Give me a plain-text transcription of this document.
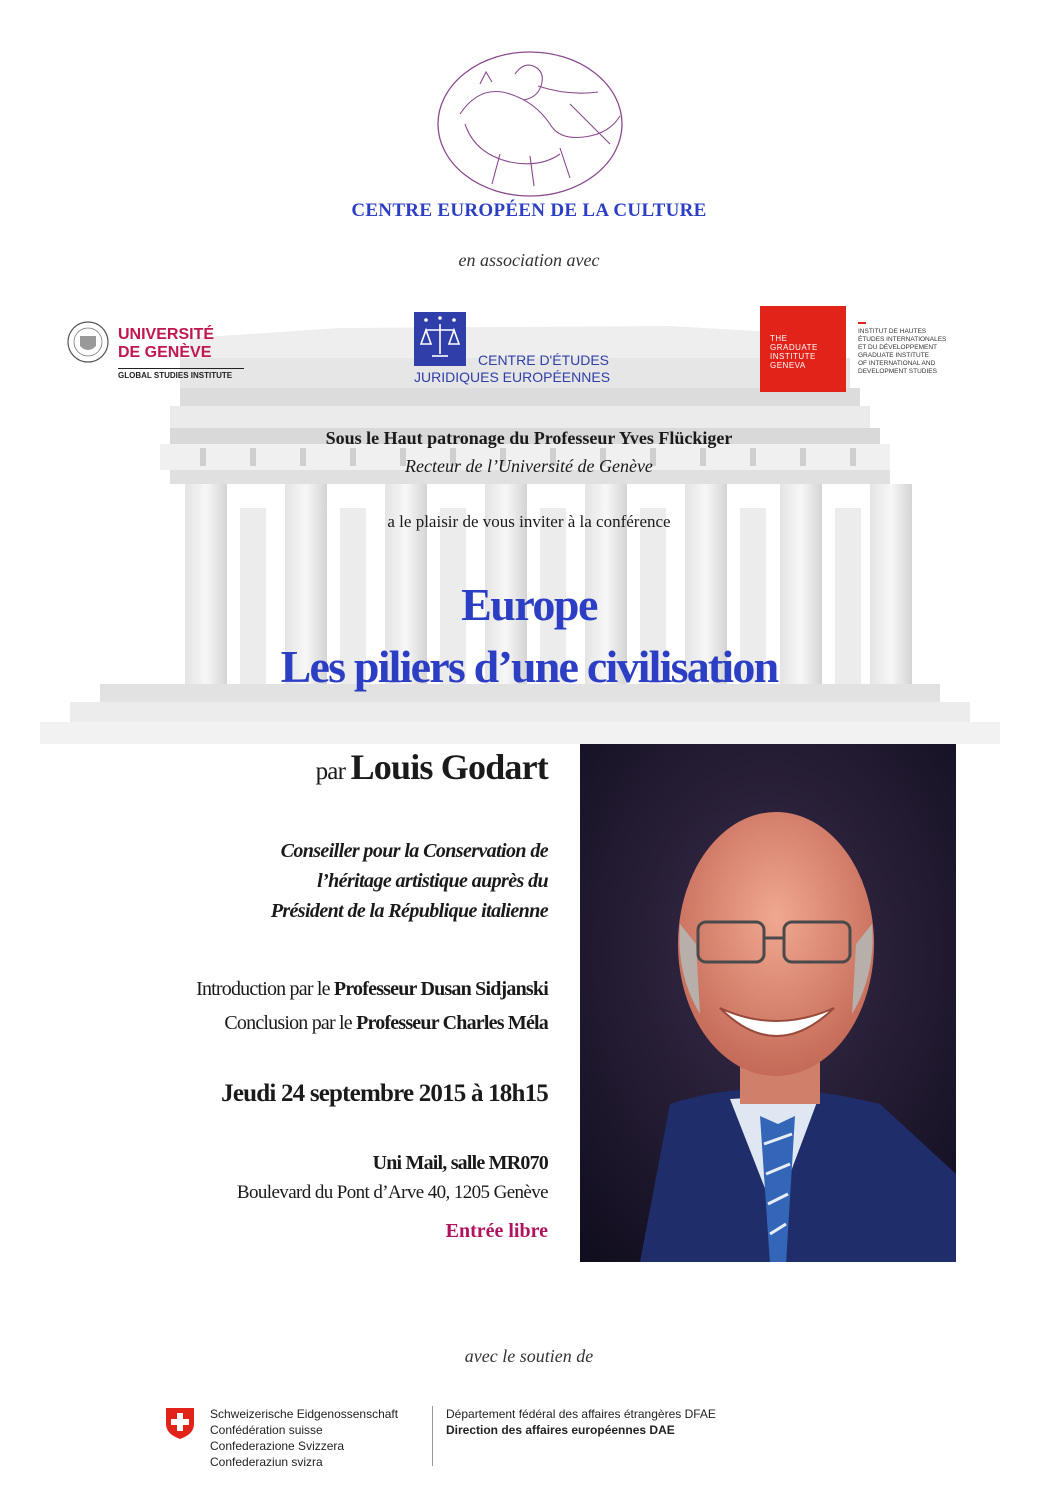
CENTRE EUROPÉEN DE LA CULTURE
en association avec
UNIVERSITÉ
DE GENÈVE
GLOBAL STUDIES INSTITUTE
CENTRE D'ÉTUDES
JURIDIQUES EUROPÉENNES
THE
GRADUATE
INSTITUTE
GENEVA
INSTITUT DE HAUTES
ÉTUDES INTERNATIONALES
ET DU DÉVELOPPEMENT
GRADUATE INSTITUTE
OF INTERNATIONAL AND
DEVELOPMENT STUDIES
Sous le Haut patronage du Professeur Yves Flückiger
Recteur de l’Université de Genève
a le plaisir de vous inviter à la conférence
Europe
Les piliers d’une civilisation
par Louis Godart
Conseiller pour la Conservation de
l’héritage artistique auprès du
Président de la République italienne
Introduction par le Professeur Dusan Sidjanski
Conclusion par le Professeur Charles Méla
Jeudi 24 septembre 2015 à 18h15
Uni Mail, salle MR070
Boulevard du Pont d’Arve 40, 1205 Genève
Entrée libre
avec le soutien de
Schweizerische Eidgenossenschaft
Confédération suisse
Confederazione Svizzera
Confederaziun svizra
Département fédéral des affaires étrangères DFAE
Direction des affaires européennes DAE
